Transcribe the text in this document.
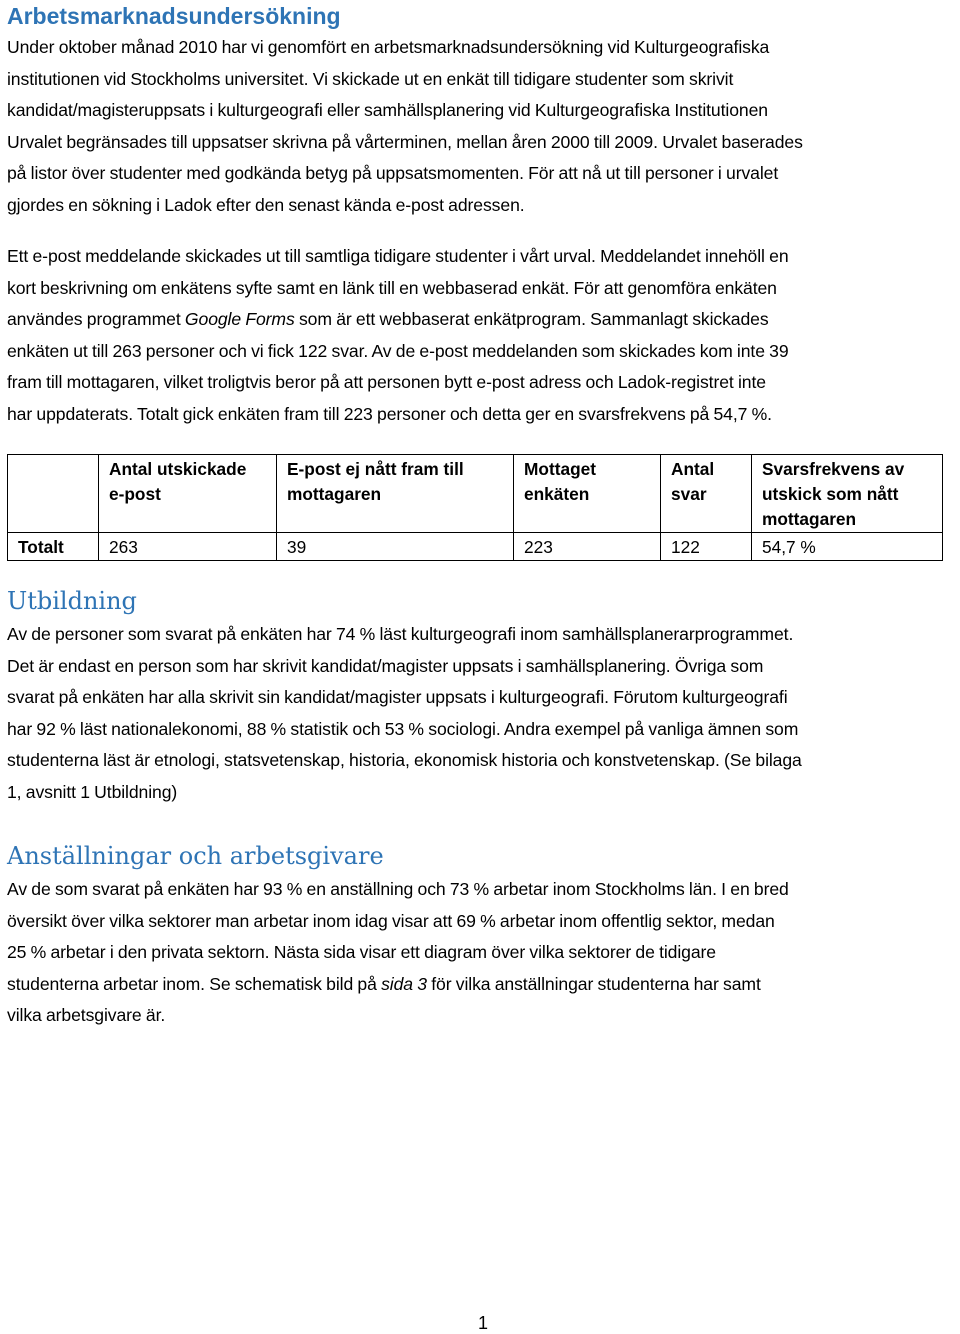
Arbetsmarknadsundersökning
Under oktober månad 2010 har vi genomfört en arbetsmarknadsundersökning vid Kulturgeografiska
institutionen vid Stockholms universitet. Vi skickade ut en enkät till tidigare studenter som skrivit
kandidat/magisteruppsats i kulturgeografi eller samhällsplanering vid Kulturgeografiska Institutionen
Urvalet begränsades till uppsatser skrivna på vårterminen, mellan åren 2000 till 2009. Urvalet baserades
på listor över studenter med godkända betyg på uppsatsmomenten. För att nå ut till personer i urvalet
gjordes en sökning i Ladok efter den senast kända e-post adressen.
Ett e-post meddelande skickades ut till samtliga tidigare studenter i vårt urval. Meddelandet innehöll en
kort beskrivning om enkätens syfte samt en länk till en webbaserad enkät. För att genomföra enkäten
användes programmet Google Forms som är ett webbaserat enkätprogram. Sammanlagt skickades
enkäten ut till 263 personer och vi fick 122 svar. Av de e-post meddelanden som skickades kom inte 39
fram till mottagaren, vilket troligtvis beror på att personen bytt e-post adress och Ladok-registret inte
har uppdaterats. Totalt gick enkäten fram till 223 personer och detta ger en svarsfrekvens på 54,7 %.
	Antal utskickade e-post	E-post ej nått fram till mottagaren	Mottaget enkäten	Antal svar	Svarsfrekvens av utskick som nått mottagaren
Totalt	263	39	223	122	54,7 %
Utbildning
Av de personer som svarat på enkäten har 74 % läst kulturgeografi inom samhällsplanerarprogrammet.
Det är endast en person som har skrivit kandidat/magister uppsats i samhällsplanering. Övriga som
svarat på enkäten har alla skrivit sin kandidat/magister uppsats i kulturgeografi. Förutom kulturgeografi
har 92 % läst nationalekonomi, 88 % statistik och 53 % sociologi. Andra exempel på vanliga ämnen som
studenterna läst är etnologi, statsvetenskap, historia, ekonomisk historia och konstvetenskap. (Se bilaga
1, avsnitt 1 Utbildning)
Anställningar och arbetsgivare
Av de som svarat på enkäten har 93 % en anställning och 73 % arbetar inom Stockholms län. I en bred
översikt över vilka sektorer man arbetar inom idag visar att 69 % arbetar inom offentlig sektor, medan
25 % arbetar i den privata sektorn. Nästa sida visar ett diagram över vilka sektorer de tidigare
studenterna arbetar inom. Se schematisk bild på sida 3 för vilka anställningar studenterna har samt
vilka arbetsgivare är.
1
